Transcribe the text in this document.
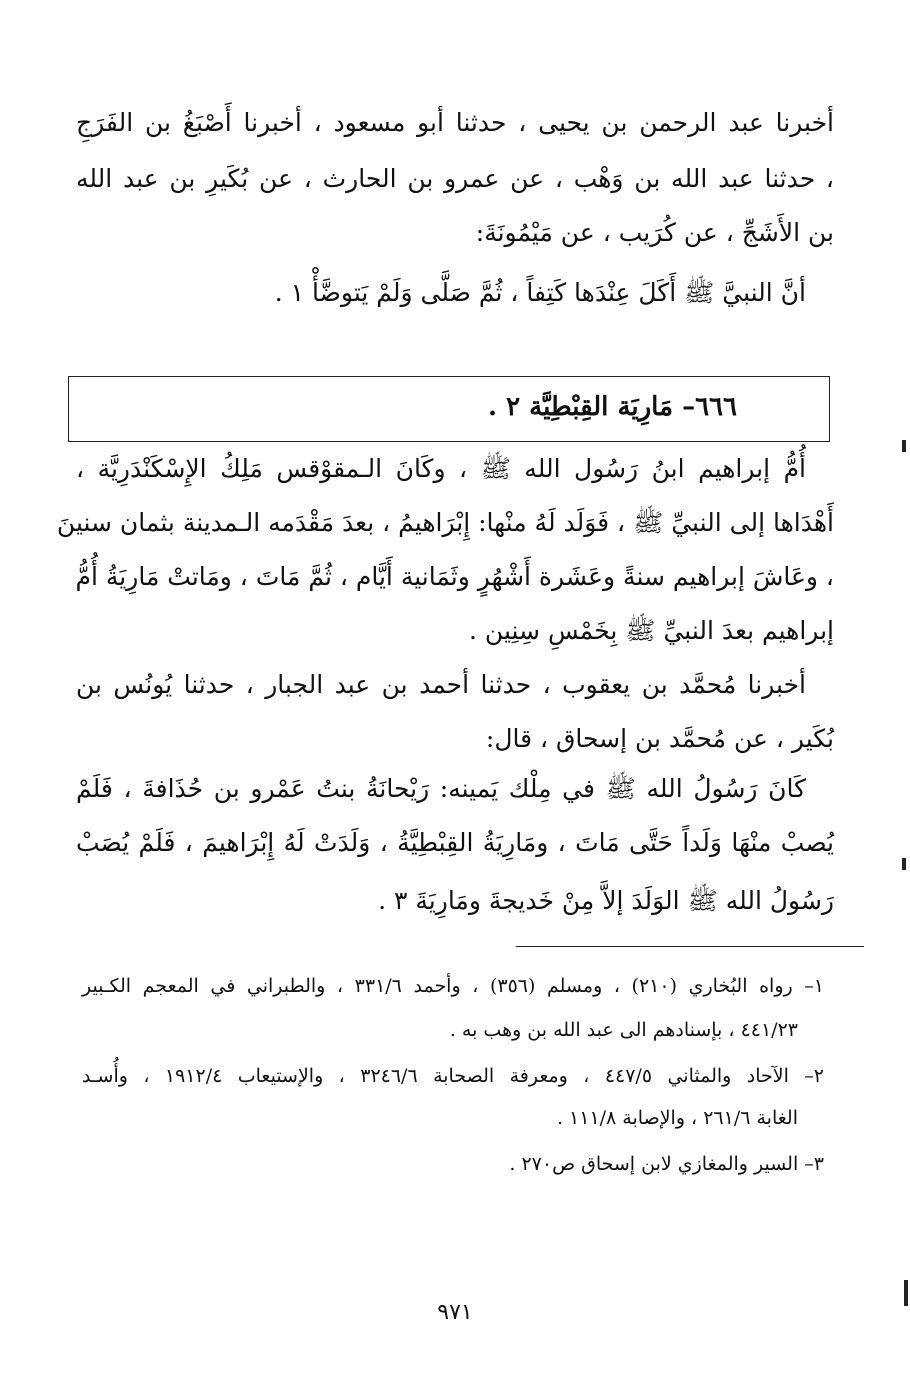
أخبرنا عبد الرحمن بن يحيى ، حدثنا أبو مسعود ، أخبرنا أَصْبَغُ بن الفَرَجِ
، حدثنا عبد الله بن وَهْب ، عن عمرو بن الحارث ، عن بُكَيرِ بن عبد الله
بن الأَشَجِّ ، عن كُرَيب ، عن مَيْمُونَةَ:
أنَّ النبيَّ ﷺ أَكَلَ عِنْدَها كَتِفاً ، ثُمَّ صَلَّى وَلَمْ يَتوضَّأْ ١ .
٦٦٦– مَارِيَة القِبْطِيَّة ٢ .
أُمُّ إبراهيم ابنُ رَسُول الله ﷺ ، وكَانَ الـمقوْقس مَلِكُ الإِسْكَنْدَرِيَّة ،
أَهْدَاها إلى النبيِّ ﷺ ، فَوَلَد لَهُ منْها: إِبْرَاهيمُ ، بعدَ مَقْدَمه الـمدينة بثمان سنينَ
، وعَاشَ إبراهيم سنةً وعَشَرة أَشْهُرٍ وثَمَانية أَيَّام ، ثُمَّ مَاتَ ، ومَاتتْ مَارِيَةُ أُمُّ
إبراهيم بعدَ النبيِّ ﷺ بِخَمْسِ سِنِين .
أخبرنا مُحمَّد بن يعقوب ، حدثنا أحمد بن عبد الجبار ، حدثنا يُونُس بن
بُكَير ، عن مُحمَّد بن إسحاق ، قال:
كَانَ رَسُولُ الله ﷺ في مِلْك يَمينه: رَيْحانَةُ بنتُ عَمْرو بن حُذَافةَ ، فَلَمْ
يُصبْ منْهَا وَلَداً حَتَّى مَاتَ ، ومَارِيَةُ القِبْطِيَّةُ ، وَلَدَتْ لَهُ إِبْرَاهيمَ ، فَلَمْ يُصَبْ
رَسُولُ الله ﷺ الوَلَدَ إلاَّ مِنْ خَديجةَ ومَارِيَةَ ٣ .
١– رواه البُخاري (٢١٠) ، ومسلم (٣٥٦) ، وأحمد ٣٣١/٦ ، والطبراني في المعجم الكـبير
٤٤١/٢٣ ، بإسنادهم الى عبد الله بن وهب به .
٢– الآحاد والمثاني ٤٤٧/٥ ، ومعرفة الصحابة ٣٢٤٦/٦ ، والإستيعاب ١٩١٢/٤ ، وأُسـد
الغابة ٢٦١/٦ ، والإصابة ١١١/٨ .
٣– السير والمغازي لابن إسحاق ص٢٧٠ .
٩٧١
